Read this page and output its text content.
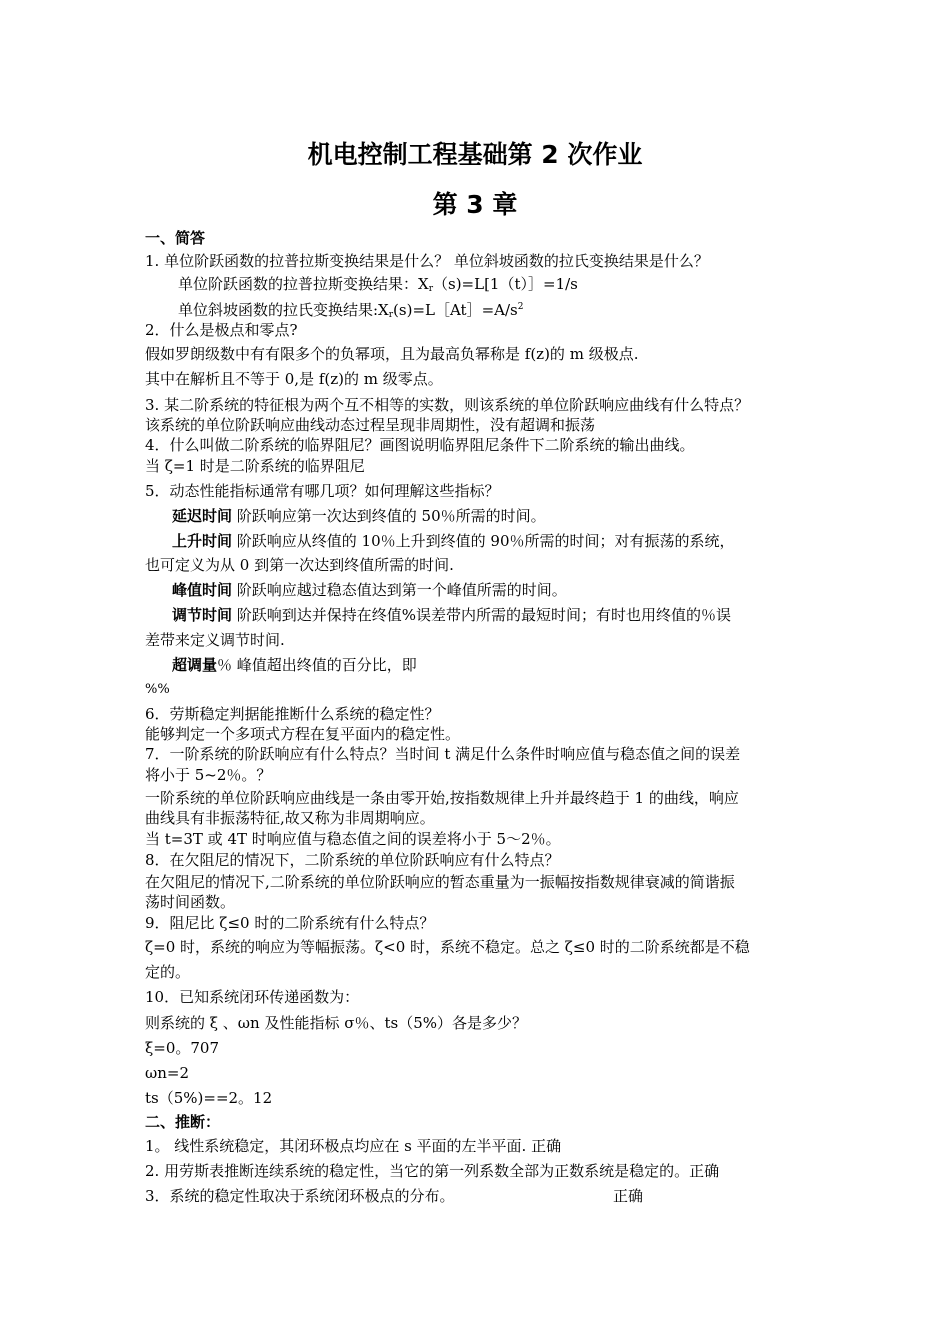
机电控制工程基础第 2 次作业
第 3 章
一、简答
1. 单位阶跃函数的拉普拉斯变换结果是什么？ 单位斜坡函数的拉氏变换结果是什么？
单位阶跃函数的拉普拉斯变换结果：$X_r(s)=L[1(t)]=1/s$
单位斜坡函数的拉氏变换结果$:X_r(s)=L[At]=A/s^2$
2．什么是极点和零点?
假如罗朗级数中有有限多个的负幂项，且为最高负幂称是 f(z)的 m 级极点.
其中在解析且不等于 0,是 f(z)的 m 级零点。
3. 某二阶系统的特征根为两个互不相等的实数，则该系统的单位阶跃响应曲线有什么特点？
该系统的单位阶跃响应曲线动态过程呈现非周期性，没有超调和振荡
4．什么叫做二阶系统的临界阻尼？画图说明临界阻尼条件下二阶系统的输出曲线。
当 ζ=1 时是二阶系统的临界阻尼
5．动态性能指标通常有哪几项？如何理解这些指标？
延迟时间 阶跃响应第一次达到终值的 50％所需的时间。
上升时间 阶跃响应从终值的 10％上升到终值的 90％所需的时间；对有振荡的系统，
也可定义为从 0 到第一次达到终值所需的时间.
峰值时间 阶跃响应越过稳态值达到第一个峰值所需的时间。
调节时间 阶跃响到达并保持在终值%误差带内所需的最短时间；有时也用终值的％误
差带来定义调节时间.
超调量％ 峰值超出终值的百分比，即
%%
6．劳斯稳定判据能推断什么系统的稳定性？
能够判定一个多项式方程在复平面内的稳定性。
7．一阶系统的阶跃响应有什么特点？当时间 t 满足什么条件时响应值与稳态值之间的误差
将小于 5~2％。？
一阶系统的单位阶跃响应曲线是一条由零开始,按指数规律上升并最终趋于 1 的曲线，响应
曲线具有非振荡特征,故又称为非周期响应。
当 t=3T 或 4T 时响应值与稳态值之间的误差将小于 5～2％。
8．在欠阻尼的情况下，二阶系统的单位阶跃响应有什么特点？
在欠阻尼的情况下,二阶系统的单位阶跃响应的暂态重量为一振幅按指数规律衰减的简谐振
荡时间函数。
9．阻尼比 ζ≤0 时的二阶系统有什么特点？
ζ=0 时，系统的响应为等幅振荡。ζ<0 时，系统不稳定。总之 ζ≤0 时的二阶系统都是不稳
定的。
10．已知系统闭环传递函数为：
则系统的 ξ 、ωn 及性能指标 σ％、ts（5%）各是多少？
ξ=0。707
ωn=2
ts（5%)==2。12
二、推断：
1。 线性系统稳定，其闭环极点均应在 s 平面的左半平面. 正确
2. 用劳斯表推断连续系统的稳定性，当它的第一列系数全部为正数系统是稳定的。正确
3．系统的稳定性取决于系统闭环极点的分布。	正确
